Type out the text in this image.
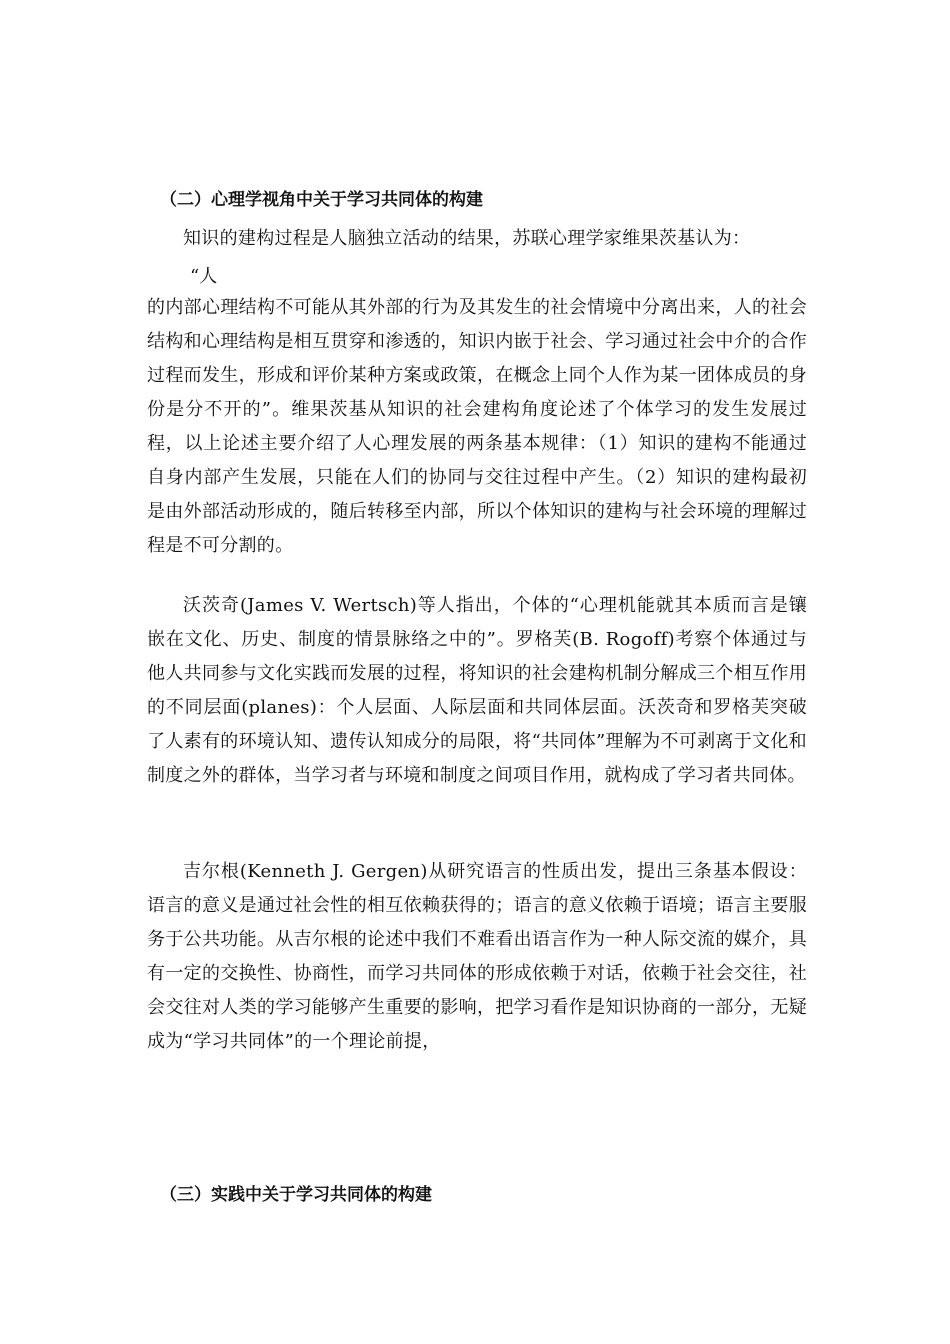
（二）心理学视角中关于学习共同体的构建
知识的建构过程是人脑独立活动的结果，苏联心理学家维果茨基认为：
“人
的内部心理结构不可能从其外部的行为及其发生的社会情境中分离出来，人的社会结构和心理结构是相互贯穿和渗透的，知识内嵌于社会、学习通过社会中介的合作过程而发生，形成和评价某种方案或政策，在概念上同个人作为某一团体成员的身份是分不开的”。维果茨基从知识的社会建构角度论述了个体学习的发生发展过程，以上论述主要介绍了人心理发展的两条基本规律：（1）知识的建构不能通过自身内部产生发展，只能在人们的协同与交往过程中产生。（2）知识的建构最初是由外部活动形成的，随后转移至内部，所以个体知识的建构与社会环境的理解过程是不可分割的。
沃茨奇(James V. Wertsch)等人指出，个体的“心理机能就其本质而言是镶嵌在文化、历史、制度的情景脉络之中的”。罗格芙(B. Rogoff)考察个体通过与他人共同参与文化实践而发展的过程，将知识的社会建构机制分解成三个相互作用的不同层面(planes)：个人层面、人际层面和共同体层面。沃茨奇和罗格芙突破了人素有的环境认知、遗传认知成分的局限，将“共同体”理解为不可剥离于文化和制度之外的群体，当学习者与环境和制度之间项目作用，就构成了学习者共同体。
吉尔根(Kenneth J. Gergen)从研究语言的性质出发，提出三条基本假设：语言的意义是通过社会性的相互依赖获得的；语言的意义依赖于语境；语言主要服务于公共功能。从吉尔根的论述中我们不难看出语言作为一种人际交流的媒介，具有一定的交换性、协商性，而学习共同体的形成依赖于对话，依赖于社会交往，社会交往对人类的学习能够产生重要的影响，把学习看作是知识协商的一部分，无疑成为“学习共同体”的一个理论前提，
（三）实践中关于学习共同体的构建
